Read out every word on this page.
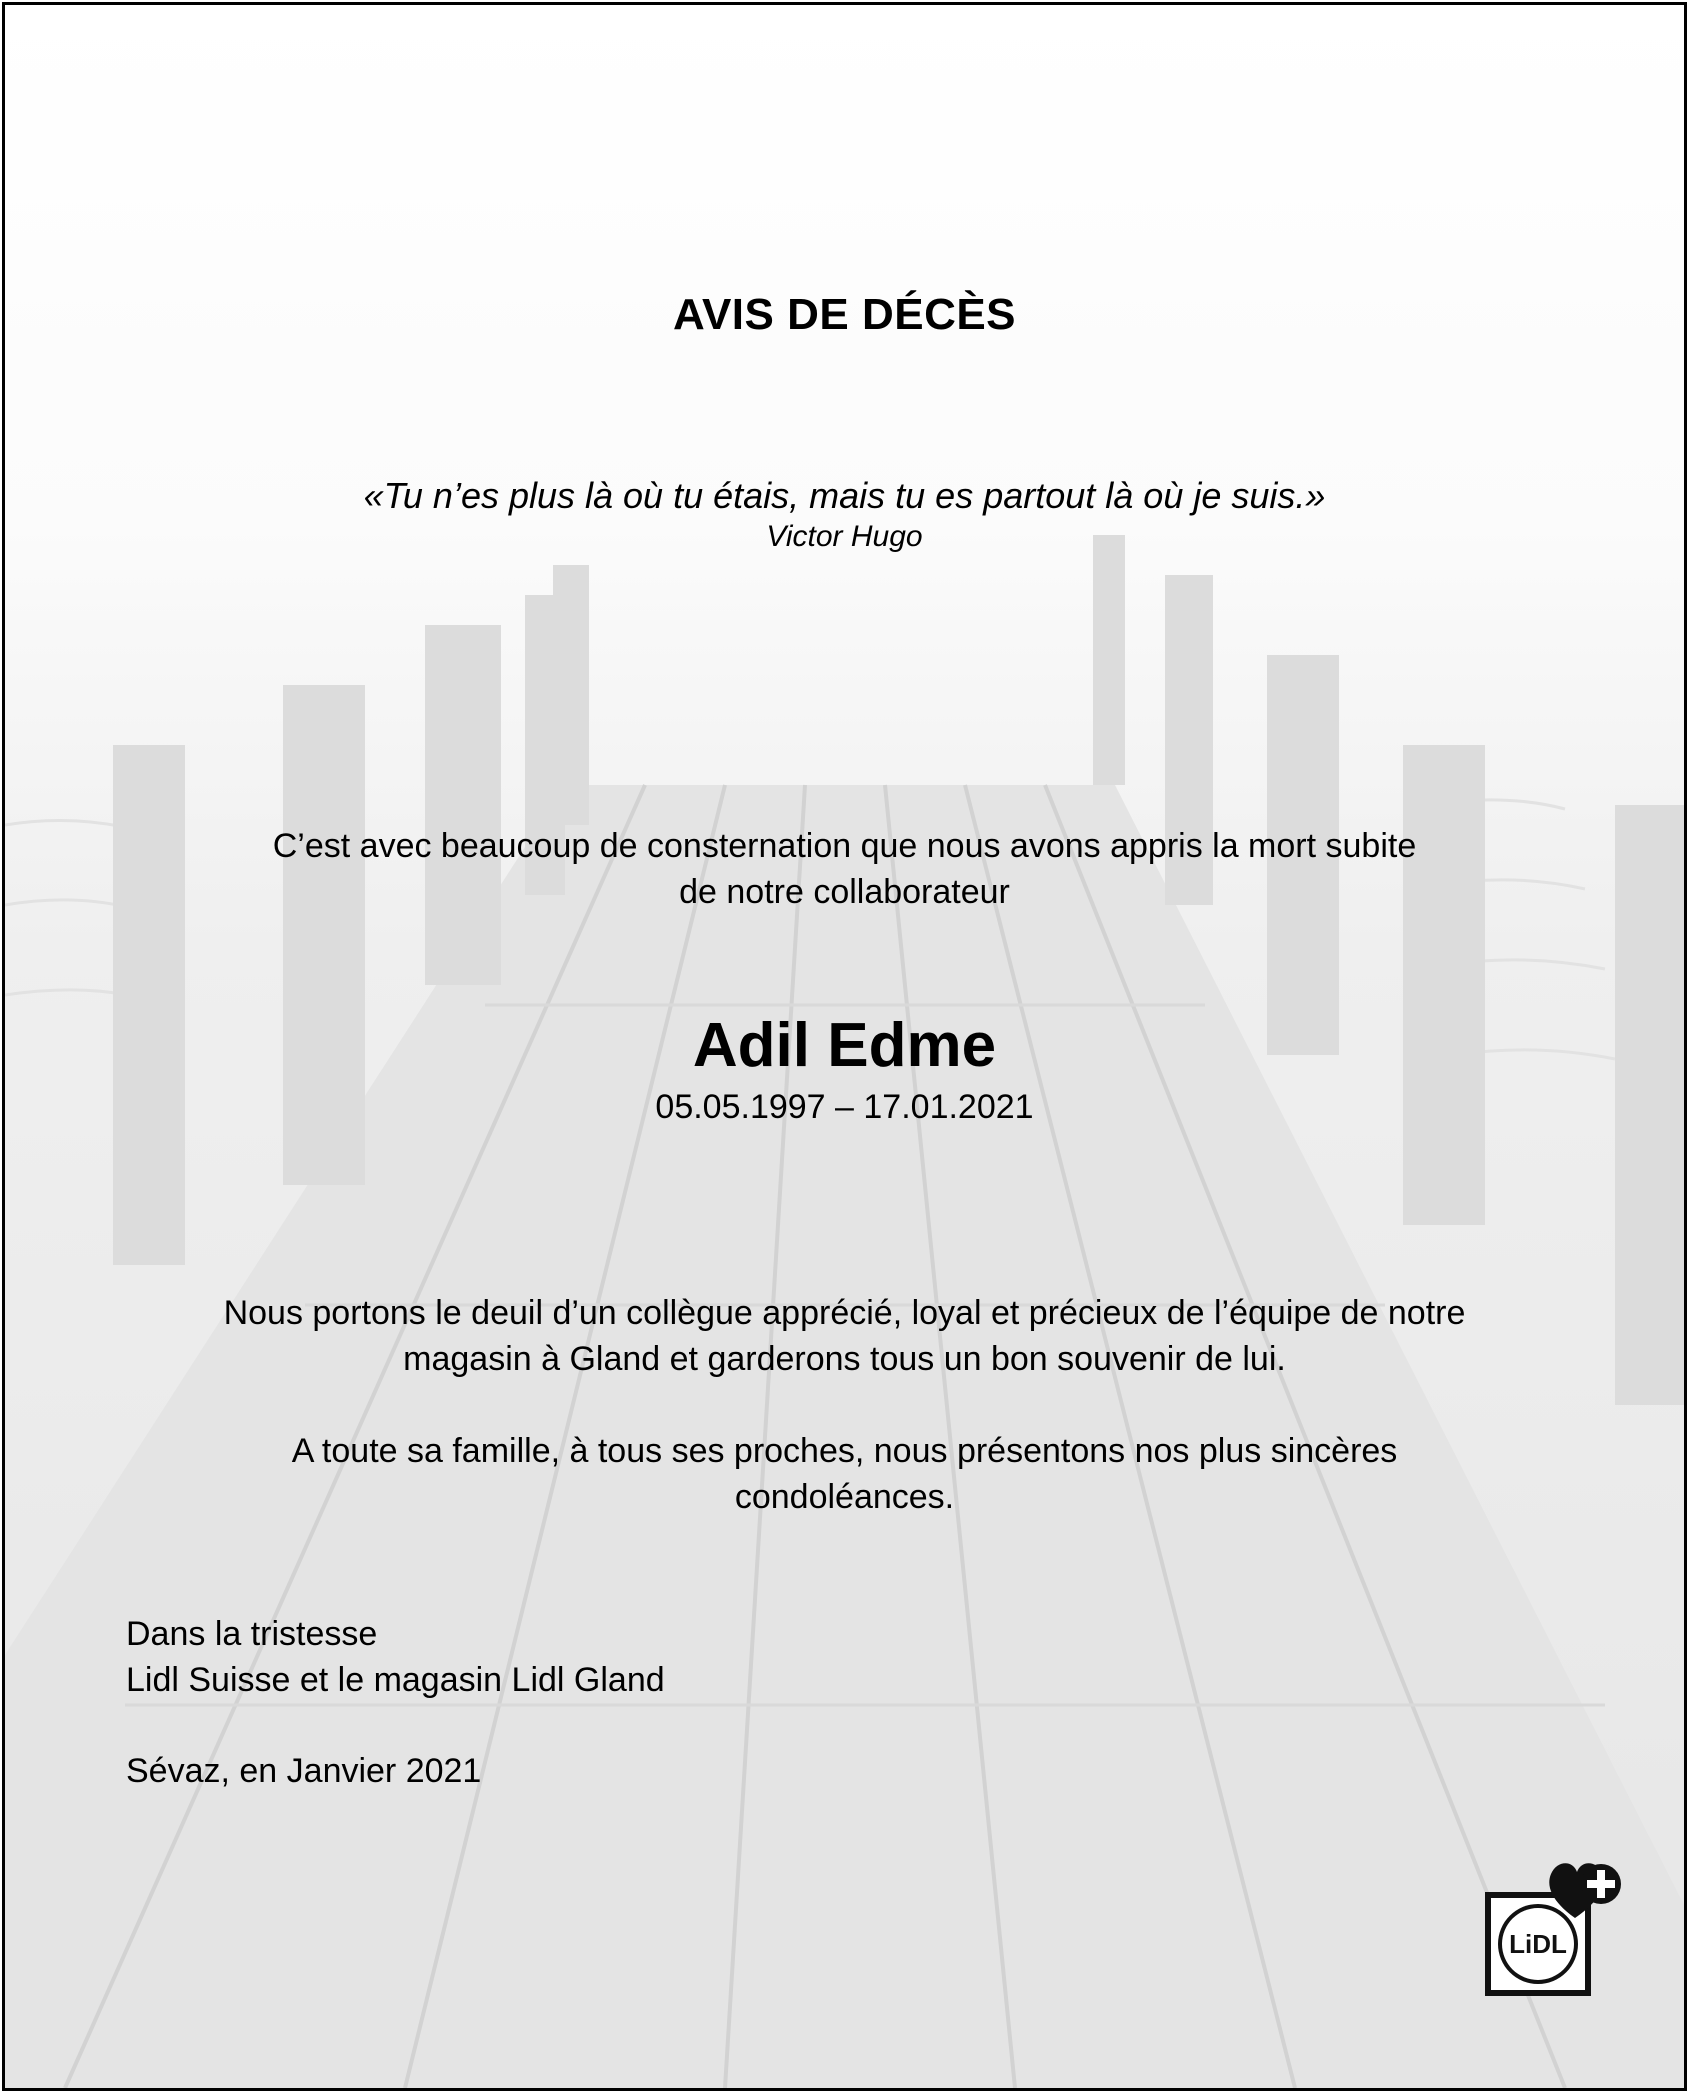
AVIS DE DÉCÈS

«Tu n’es plus là où tu étais, mais tu es partout là où je suis.»

Victor Hugo

C’est avec beaucoup de consternation que nous avons appris la mort subite
de notre collaborateur

Adil Edme

05.05.1997 – 17.01.2021

Nous portons le deuil d’un collègue apprécié, loyal et précieux de l’équipe de notre
magasin à Gland et garderons tous un bon souvenir de lui.
A toute sa famille, à tous ses proches, nous présentons nos plus sincères
condoléances.

Dans la tristesse

Lidl Suisse et le magasin Lidl Gland

Sévaz, en Janvier 2021

LiDL
